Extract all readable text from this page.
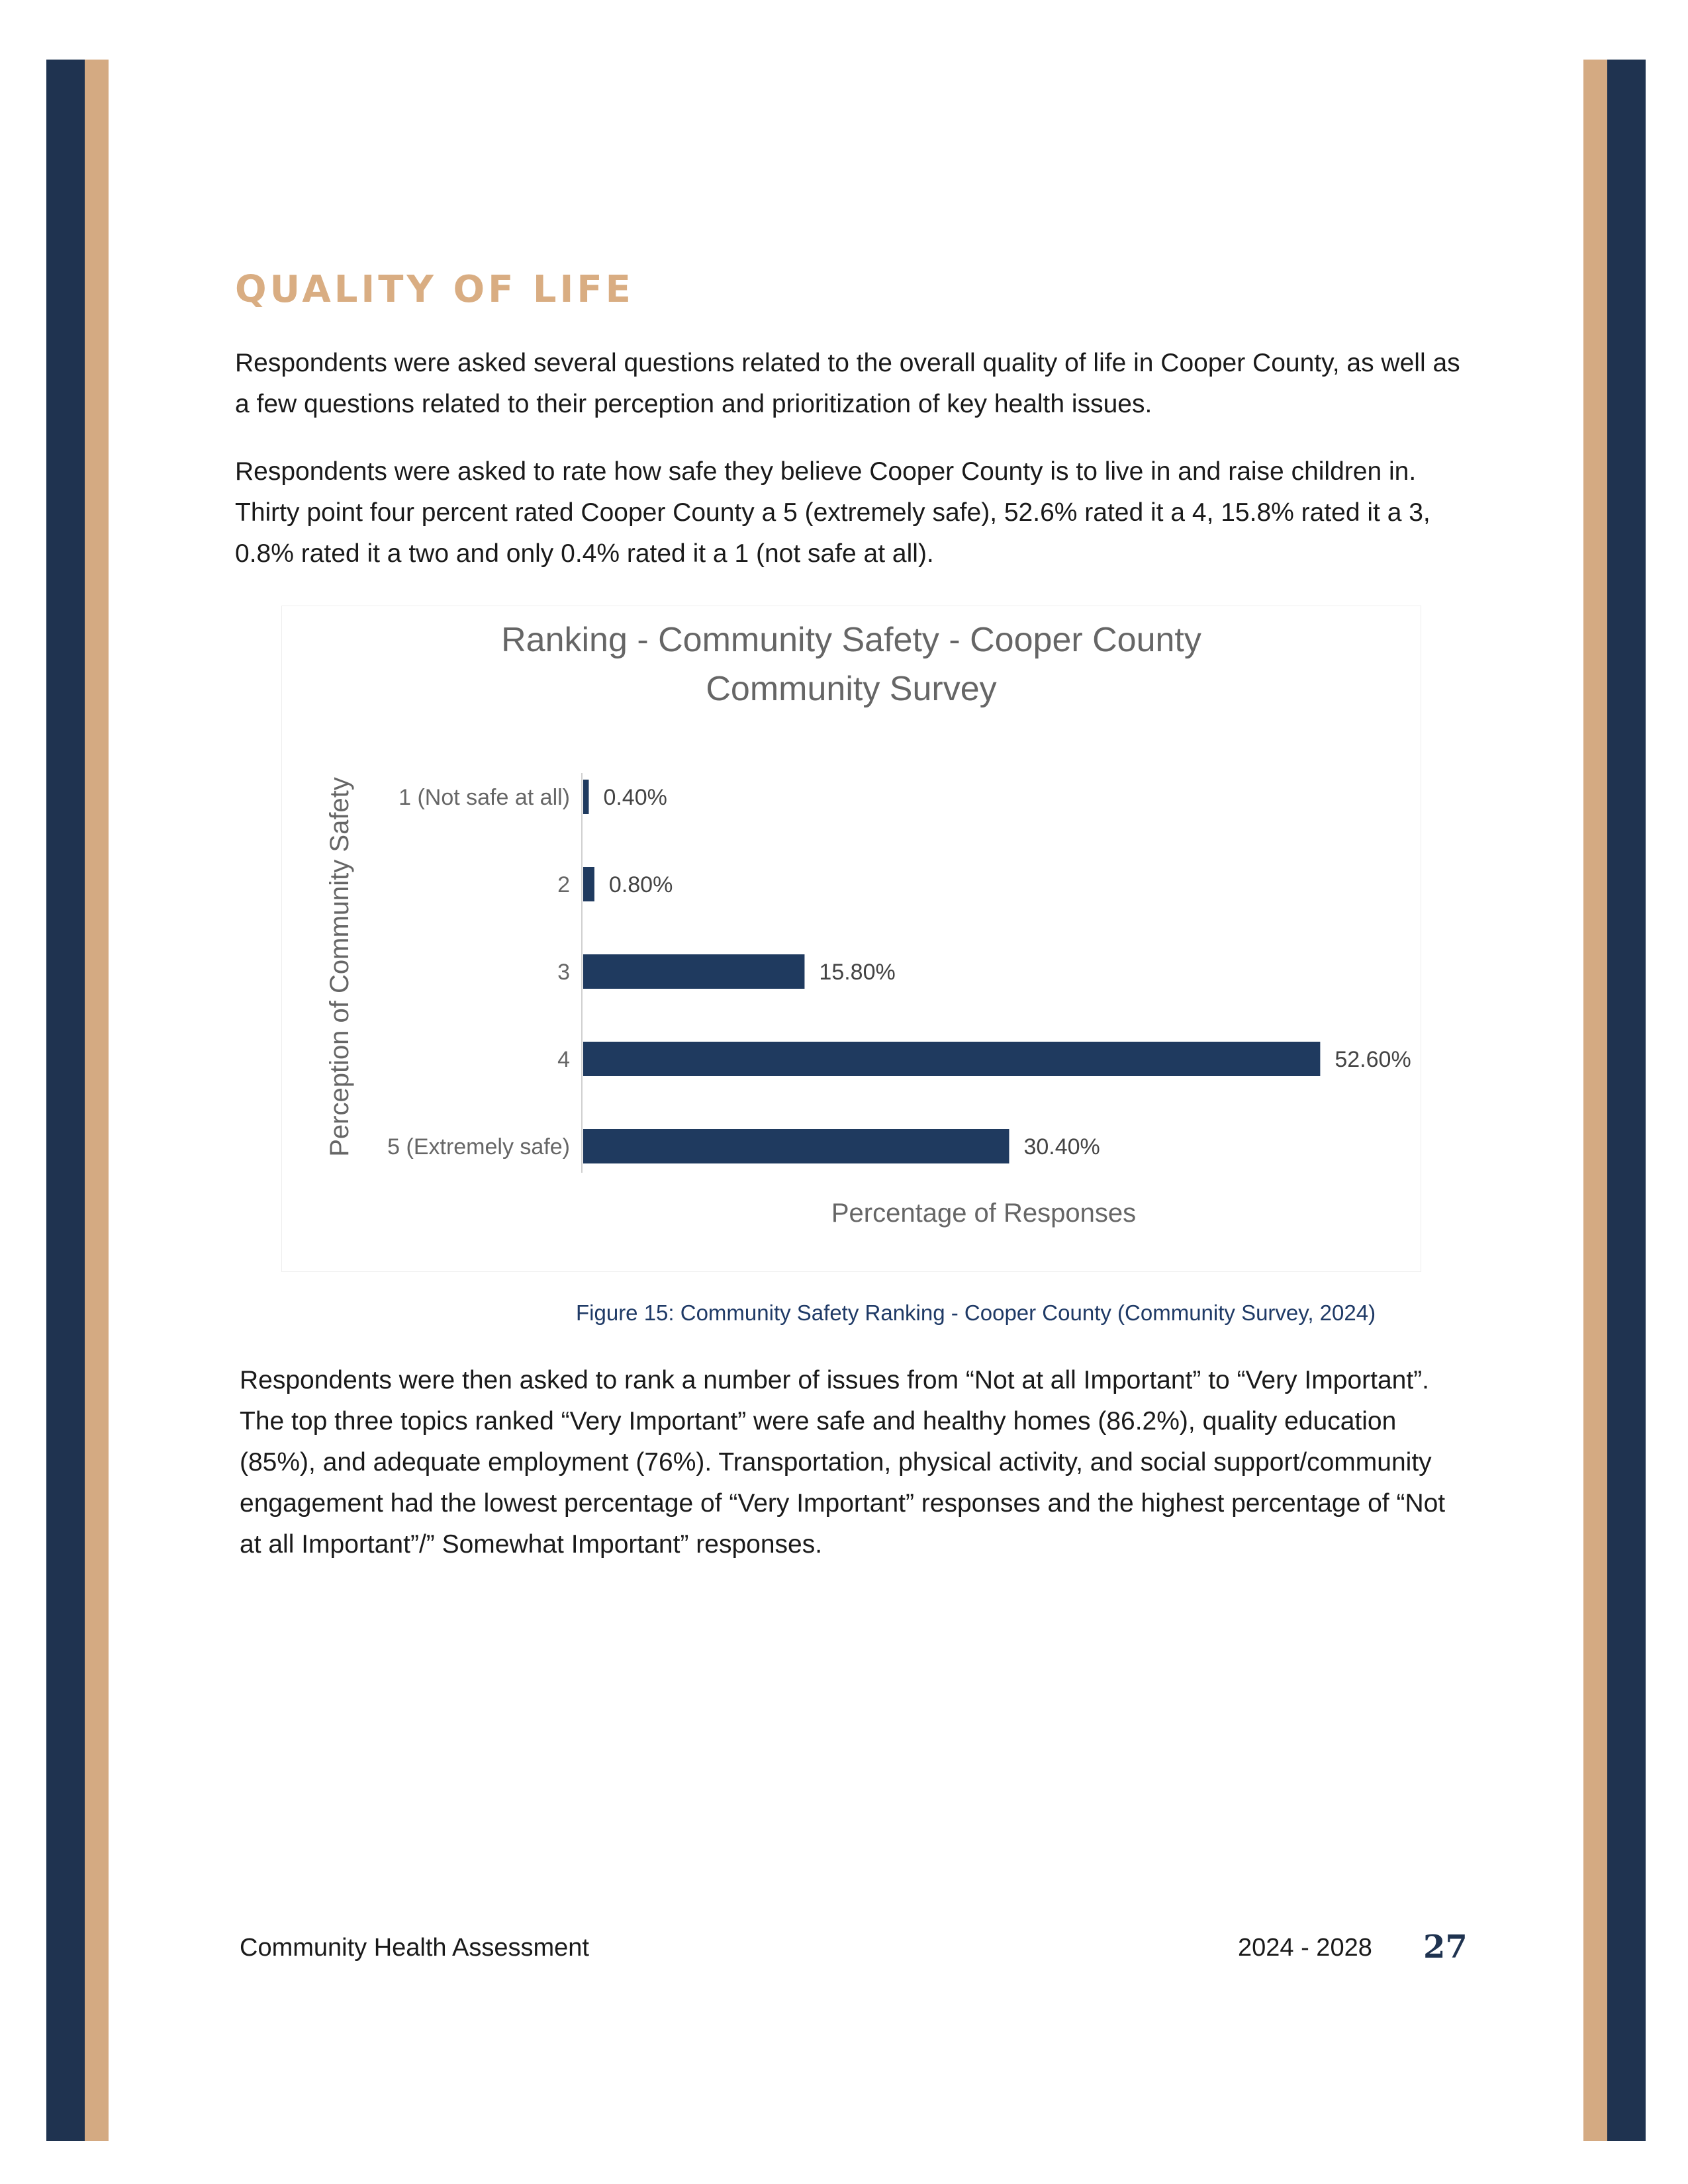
QUALITY OF LIFE

Respondents were asked several questions related to the overall quality of life in Cooper County, as well as a few questions related to their perception and prioritization of key health issues.

Respondents were asked to rate how safe they believe Cooper County is to live in and raise children in. Thirty point four percent rated Cooper County a 5 (extremely safe), 52.6% rated it a 4, 15.8% rated it a 3, 0.8% rated it a two and only 0.4% rated it a 1 (not safe at all).

Ranking - Community Safety - Cooper County
Community Survey
1 (Not safe at all) 0.40%
2 0.80%
3	15.80%
4	52.60%
5 (Extremely safe)	30.40%
Percentage of Responses
Perception of Community Safety

Figure 15: Community Safety Ranking - Cooper County (Community Survey, 2024)

Respondents were then asked to rank a number of issues from “Not at all Important” to “Very Important”. The top three topics ranked “Very Important” were safe and healthy homes (86.2%), quality education (85%), and adequate employment (76%). Transportation, physical activity, and social support/community engagement had the lowest percentage of “Very Important” responses and the highest percentage of “Not at all Important”/” Somewhat Important” responses.

Community Health Assessment	2024 - 2028 27
